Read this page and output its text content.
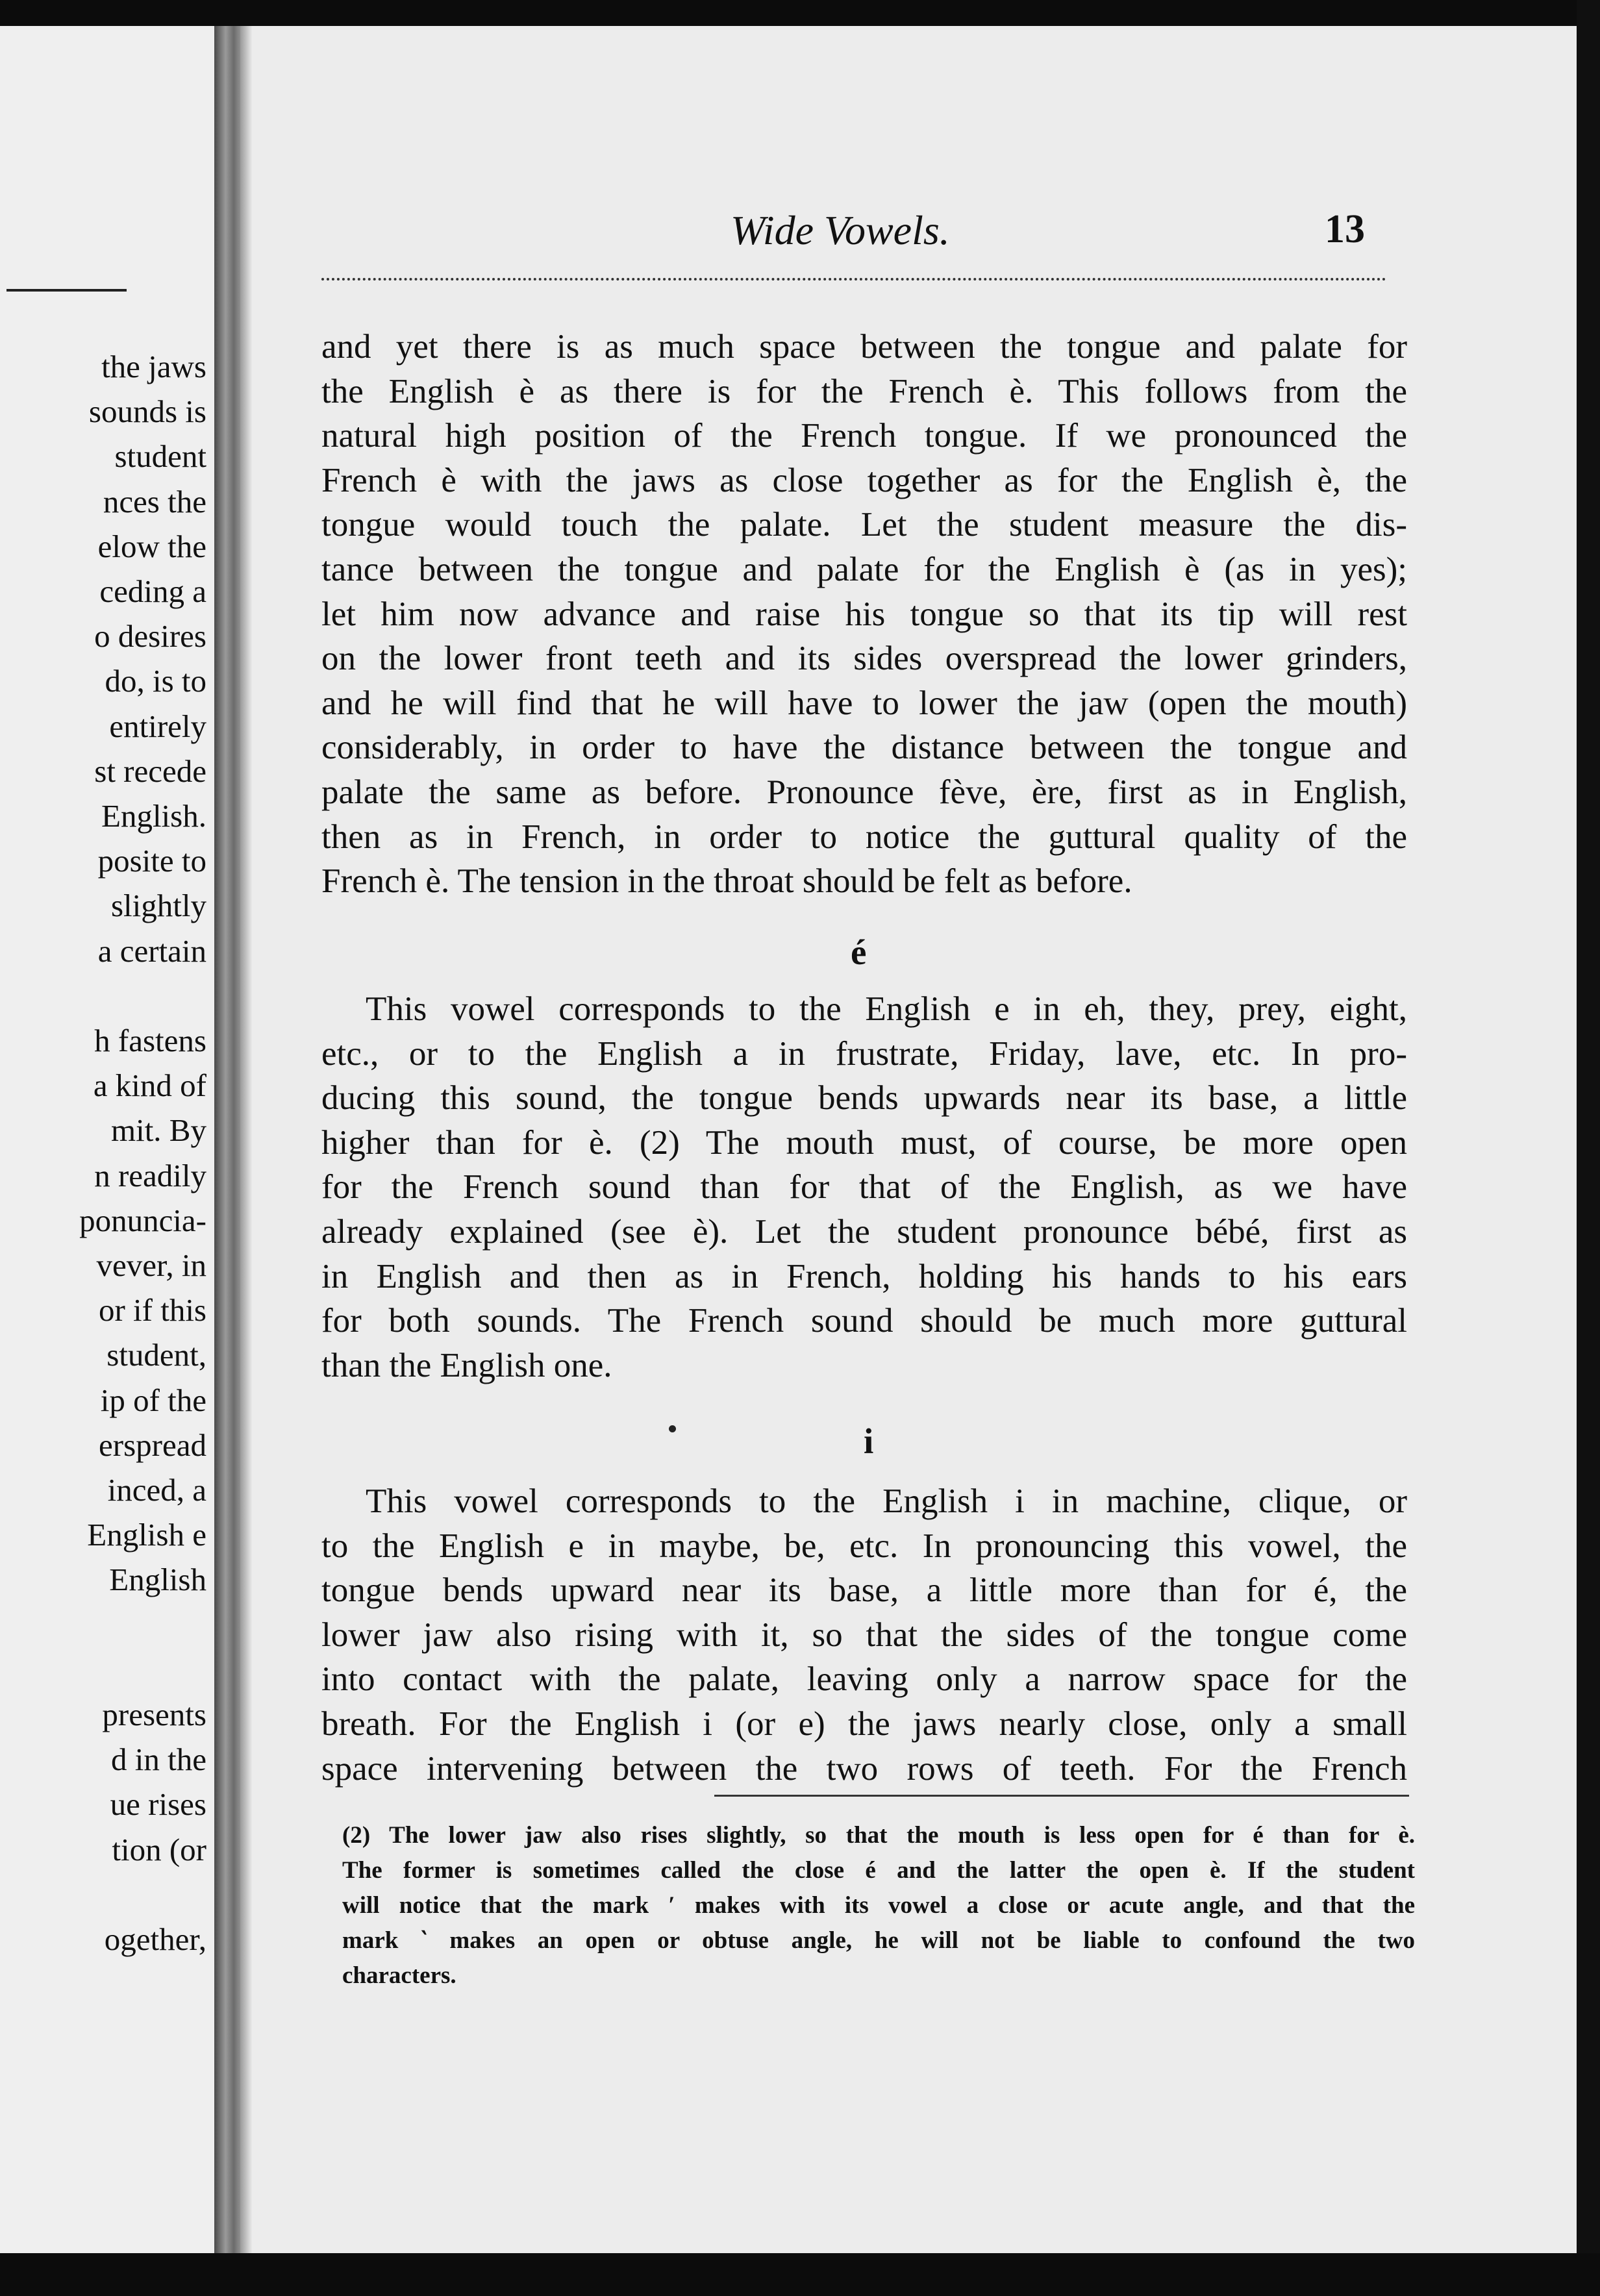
the jaws
sounds is
student
nces the
elow the
ceding a
o desires
do, is to
entirely
st recede
English.
posite to
slightly
a certain
h fastens
a kind of
mit. By
n readily
ponuncia-
vever, in
or if this
student,
ip of the
erspread
inced, a
English e
English
presents
d in the
ue rises
tion (or
ogether,
Wide Vowels.	13
and yet there is as much space between the tongue and palate for
the English è as there is for the French è. This follows from the
natural high position of the French tongue. If we pronounced the
French è with the jaws as close together as for the English è, the
tongue would touch the palate. Let the student measure the dis-
tance between the tongue and palate for the English è (as in yes);
let him now advance and raise his tongue so that its tip will rest
on the lower front teeth and its sides overspread the lower grinders,
and he will find that he will have to lower the jaw (open the mouth)
considerably, in order to have the distance between the tongue and
palate the same as before. Pronounce fève, ère, first as in English,
then as in French, in order to notice the guttural quality of the
French è. The tension in the throat should be felt as before.
é
This vowel corresponds to the English e in eh, they, prey, eight,
etc., or to the English a in frustrate, Friday, lave, etc. In pro-
ducing this sound, the tongue bends upwards near its base, a little
higher than for è. (2) The mouth must, of course, be more open
for the French sound than for that of the English, as we have
already explained (see è). Let the student pronounce bébé, first as
in English and then as in French, holding his hands to his ears
for both sounds. The French sound should be much more guttural
than the English one.
i
This vowel corresponds to the English i in machine, clique, or
to the English e in maybe, be, etc. In pronouncing this vowel, the
tongue bends upward near its base, a little more than for é, the
lower jaw also rising with it, so that the sides of the tongue come
into contact with the palate, leaving only a narrow space for the
breath. For the English i (or e) the jaws nearly close, only a small
space intervening between the two rows of teeth. For the French
(2) The lower jaw also rises slightly, so that the mouth is less open for é than for è.
The former is sometimes called the close é and the latter the open è. If the student
will notice that the mark ′ makes with its vowel a close or acute angle, and that the
mark ‵ makes an open or obtuse angle, he will not be liable to confound the two
characters.
